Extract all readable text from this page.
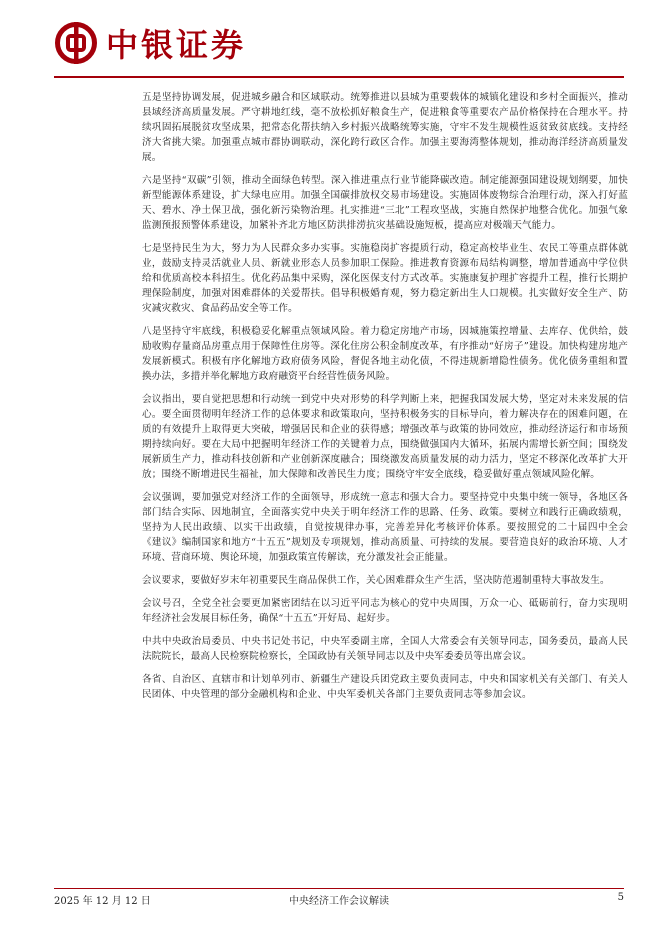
中银证券

五是坚持协调发展，促进城乡融合和区域联动。统筹推进以县城为重要载体的城镇化建设和乡村全面振兴，推动县域经济高质量发展。严守耕地红线，毫不放松抓好粮食生产，促进粮食等重要农产品价格保持在合理水平。持续巩固拓展脱贫攻坚成果，把常态化帮扶纳入乡村振兴战略统筹实施，守牢不发生规模性返贫致贫底线。支持经济大省挑大梁。加强重点城市群协调联动，深化跨行政区合作。加强主要海湾整体规划，推动海洋经济高质量发展。

六是坚持“双碳”引领，推动全面绿色转型。深入推进重点行业节能降碳改造。制定能源强国建设规划纲要，加快新型能源体系建设，扩大绿电应用。加强全国碳排放权交易市场建设。实施固体废物综合治理行动，深入打好蓝天、碧水、净土保卫战，强化新污染物治理。扎实推进“三北”工程攻坚战，实施自然保护地整合优化。加强气象监测预报预警体系建设，加紧补齐北方地区防洪排涝抗灾基础设施短板，提高应对极端天气能力。

七是坚持民生为大，努力为人民群众多办实事。实施稳岗扩容提质行动，稳定高校毕业生、农民工等重点群体就业，鼓励支持灵活就业人员、新就业形态人员参加职工保险。推进教育资源布局结构调整，增加普通高中学位供给和优质高校本科招生。优化药品集中采购，深化医保支付方式改革。实施康复护理扩容提升工程，推行长期护理保险制度，加强对困难群体的关爱帮扶。倡导积极婚育观，努力稳定新出生人口规模。扎实做好安全生产、防灾减灾救灾、食品药品安全等工作。

八是坚持守牢底线，积极稳妥化解重点领域风险。着力稳定房地产市场，因城施策控增量、去库存、优供给，鼓励收购存量商品房重点用于保障性住房等。深化住房公积金制度改革，有序推动“好房子”建设。加快构建房地产发展新模式。积极有序化解地方政府债务风险，督促各地主动化债，不得违规新增隐性债务。优化债务重组和置换办法，多措并举化解地方政府融资平台经营性债务风险。

会议指出，要自觉把思想和行动统一到党中央对形势的科学判断上来，把握我国发展大势，坚定对未来发展的信心。要全面贯彻明年经济工作的总体要求和政策取向，坚持积极务实的目标导向，着力解决存在的困难问题，在质的有效提升上取得更大突破，增强居民和企业的获得感；增强改革与政策的协同效应，推动经济运行和市场预期持续向好。要在大局中把握明年经济工作的关键着力点，围绕做强国内大循环，拓展内需增长新空间；围绕发展新质生产力，推动科技创新和产业创新深度融合；围绕激发高质量发展的动力活力，坚定不移深化改革扩大开放；围绕不断增进民生福祉，加大保障和改善民生力度；围绕守牢安全底线，稳妥做好重点领域风险化解。

会议强调，要加强党对经济工作的全面领导，形成统一意志和强大合力。要坚持党中央集中统一领导，各地区各部门结合实际、因地制宜，全面落实党中央关于明年经济工作的思路、任务、政策。要树立和践行正确政绩观，坚持为人民出政绩、以实干出政绩，自觉按规律办事，完善差异化考核评价体系。要按照党的二十届四中全会《建议》编制国家和地方“十五五”规划及专项规划，推动高质量、可持续的发展。要营造良好的政治环境、人才环境、营商环境、舆论环境，加强政策宣传解读，充分激发社会正能量。

会议要求，要做好岁末年初重要民生商品保供工作，关心困难群众生产生活，坚决防范遏制重特大事故发生。

会议号召，全党全社会要更加紧密团结在以习近平同志为核心的党中央周围，万众一心、砥砺前行，奋力实现明年经济社会发展目标任务，确保“十五五”开好局、起好步。

中共中央政治局委员、中央书记处书记，中央军委副主席，全国人大常委会有关领导同志，国务委员，最高人民法院院长，最高人民检察院检察长，全国政协有关领导同志以及中央军委委员等出席会议。

各省、自治区、直辖市和计划单列市、新疆生产建设兵团党政主要负责同志，中央和国家机关有关部门、有关人民团体、中央管理的部分金融机构和企业、中央军委机关各部门主要负责同志等参加会议。

2025 年 12 月 12 日	中央经济工作会议解读	5
